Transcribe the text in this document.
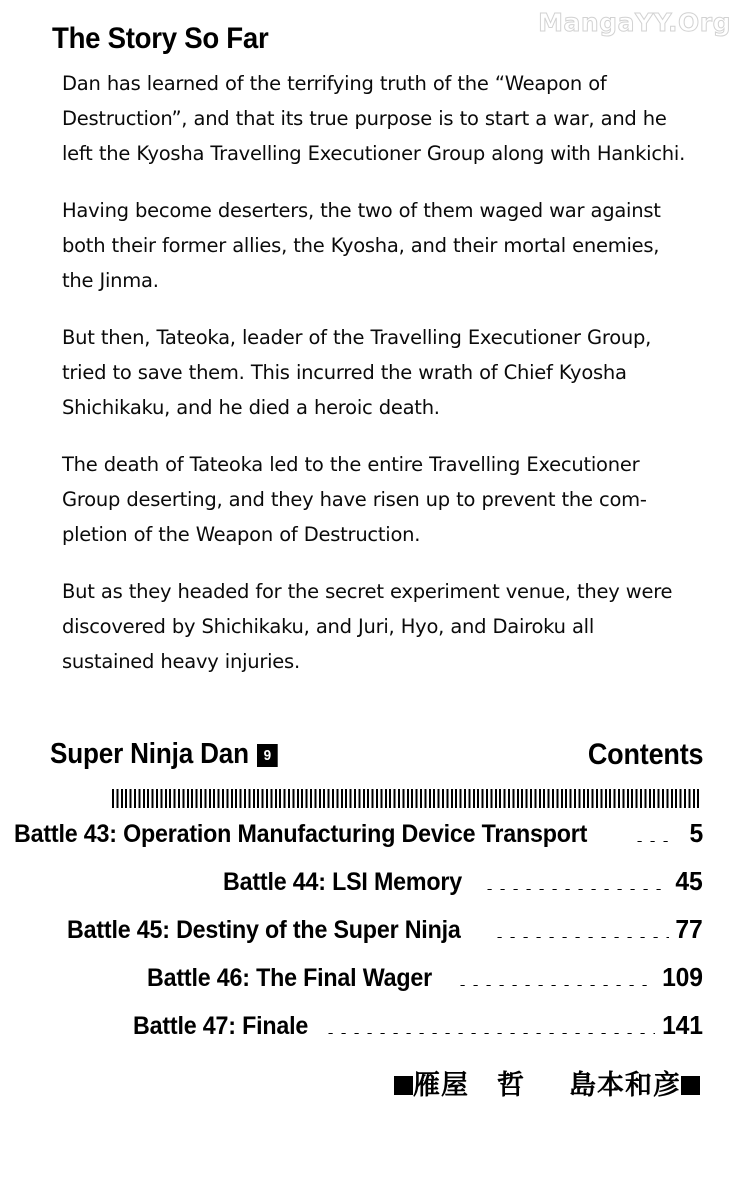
MangaYY.Org
The Story So Far

Dan has learned of the terrifying truth of the “Weapon of Destruction”, and that its true purpose is to start a war, and he left the Kyosha Travelling Executioner Group along with Hankichi.

Having become deserters, the two of them waged war against both their former allies, the Kyosha, and their mortal enemies, the Jinma.

But then, Tateoka, leader of the Travelling Executioner Group, tried to save them. This incurred the wrath of Chief Kyosha Shichikaku, and he died a heroic death.

The death of Tateoka led to the entire Travelling Executioner Group deserting, and they have risen up to prevent the com-pletion of the Weapon of Destruction.

But as they headed for the secret experiment venue, they were discovered by Shichikaku, and Juri, Hyo, and Dairoku all sustained heavy injuries.

Super Ninja Dan 9	Contents
Battle 43: Operation Manufacturing Device Transport	5
Battle 44: LSI Memory	45
Battle 45: Destiny of the Super Ninja	77
Battle 46: The Final Wager	109
Battle 47: Finale	141
雁屋　哲 島本和彦
